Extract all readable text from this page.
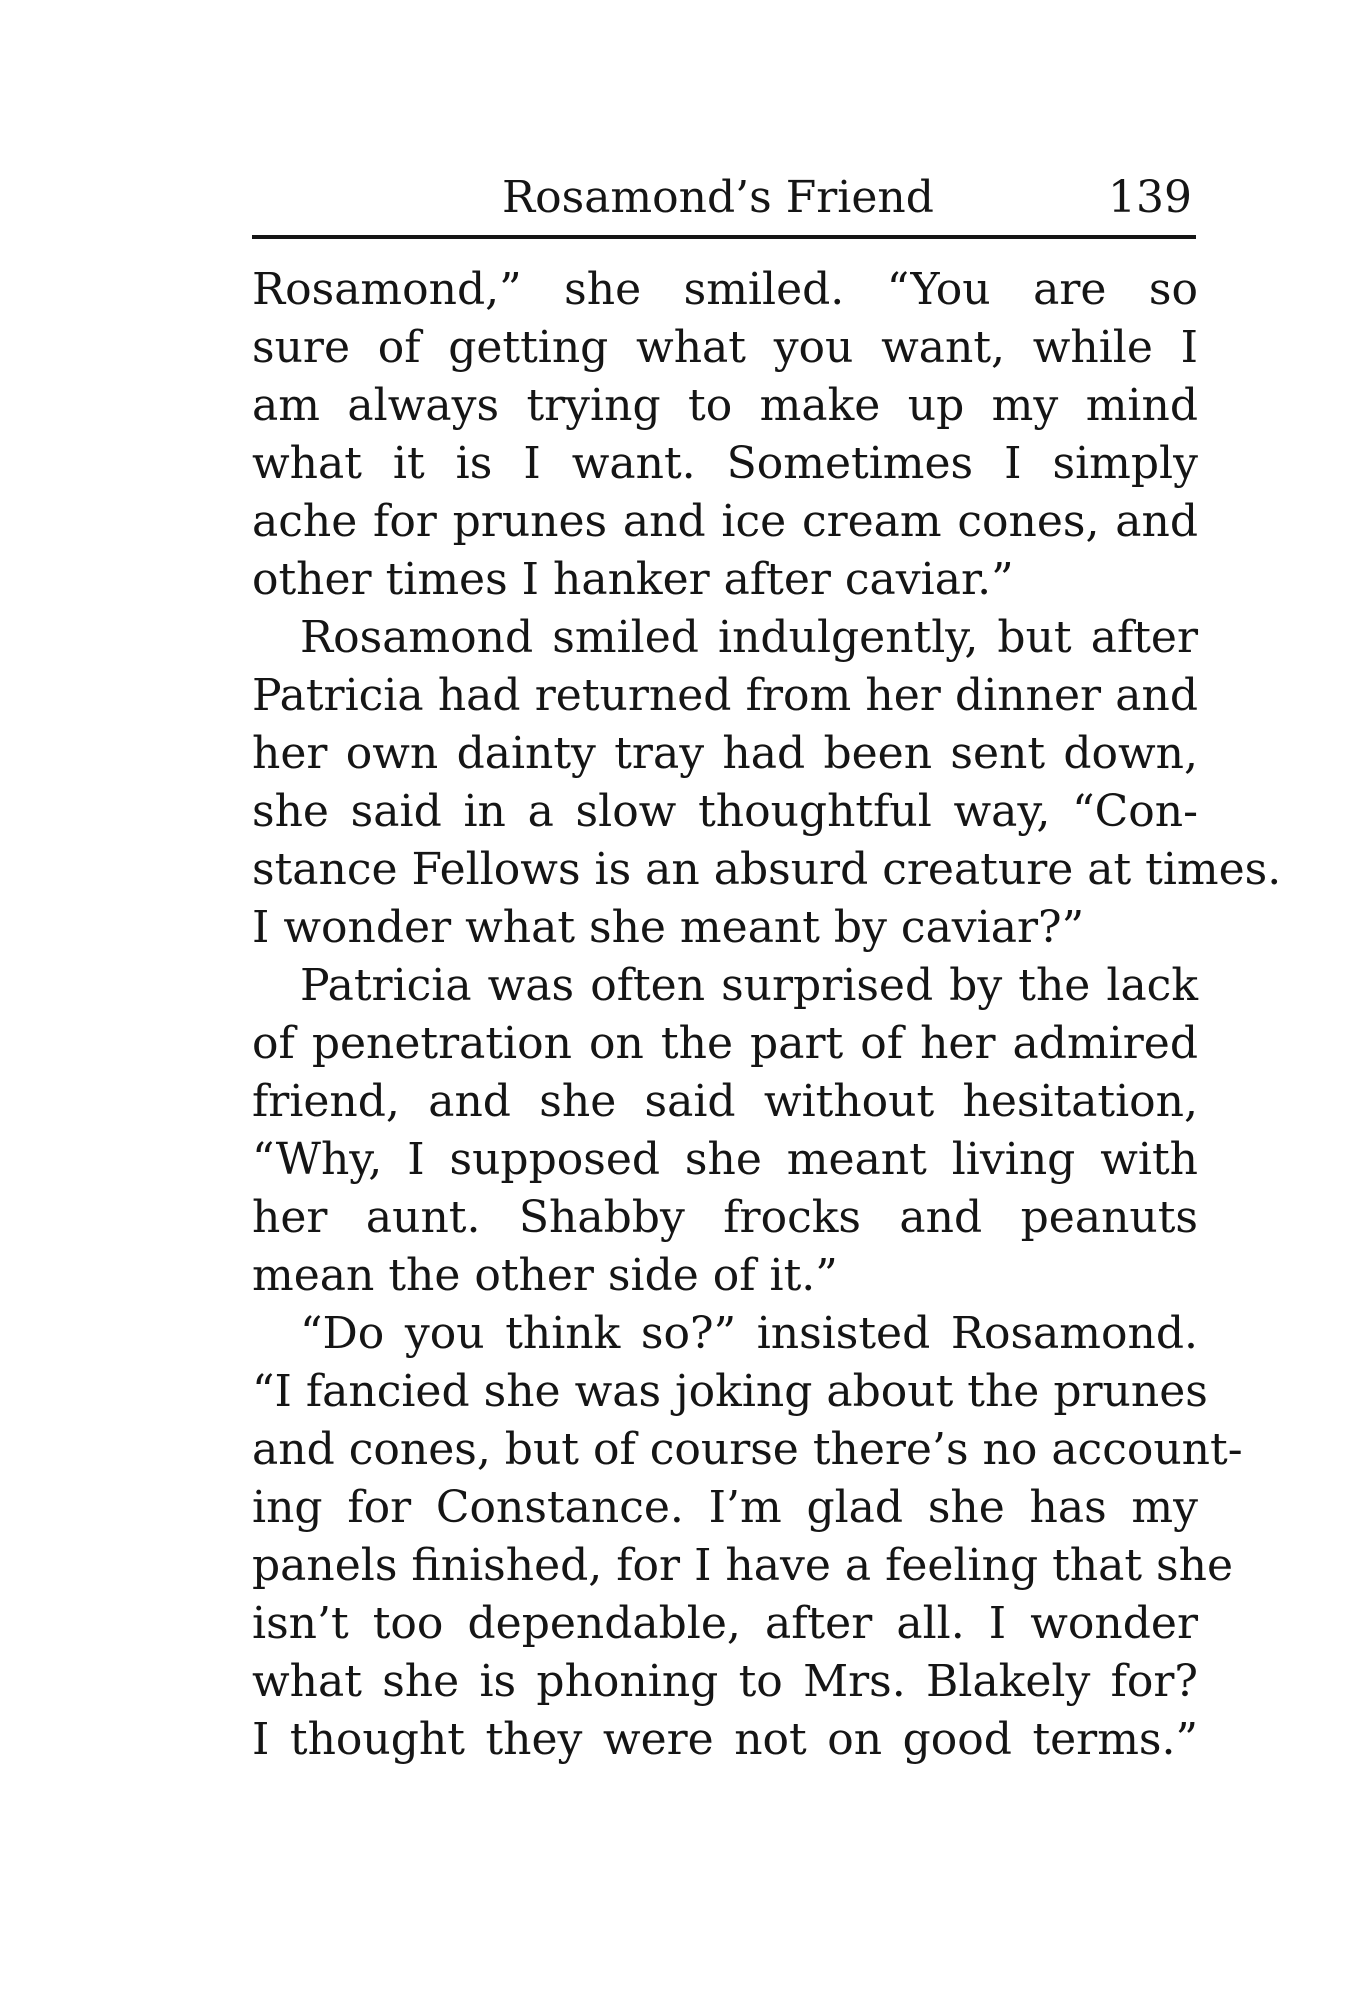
Rosamond’s Friend	139
Rosamond,” she smiled. “You are so
sure of getting what you want, while I
am always trying to make up my mind
what it is I want. Sometimes I simply
ache for prunes and ice cream cones, and
other times I hanker after caviar.”
Rosamond smiled indulgently, but after
Patricia had returned from her dinner and
her own dainty tray had been sent down,
she said in a slow thoughtful way, “Con-
stance Fellows is an absurd creature at times.
I wonder what she meant by caviar?”
Patricia was often surprised by the lack
of penetration on the part of her admired
friend, and she said without hesitation,
“Why, I supposed she meant living with
her aunt. Shabby frocks and peanuts
mean the other side of it.”
“Do you think so?” insisted Rosamond.
“I fancied she was joking about the prunes
and cones, but of course there’s no account-
ing for Constance. I’m glad she has my
panels finished, for I have a feeling that she
isn’t too dependable, after all. I wonder
what she is phoning to Mrs. Blakely for?
I thought they were not on good terms.”
